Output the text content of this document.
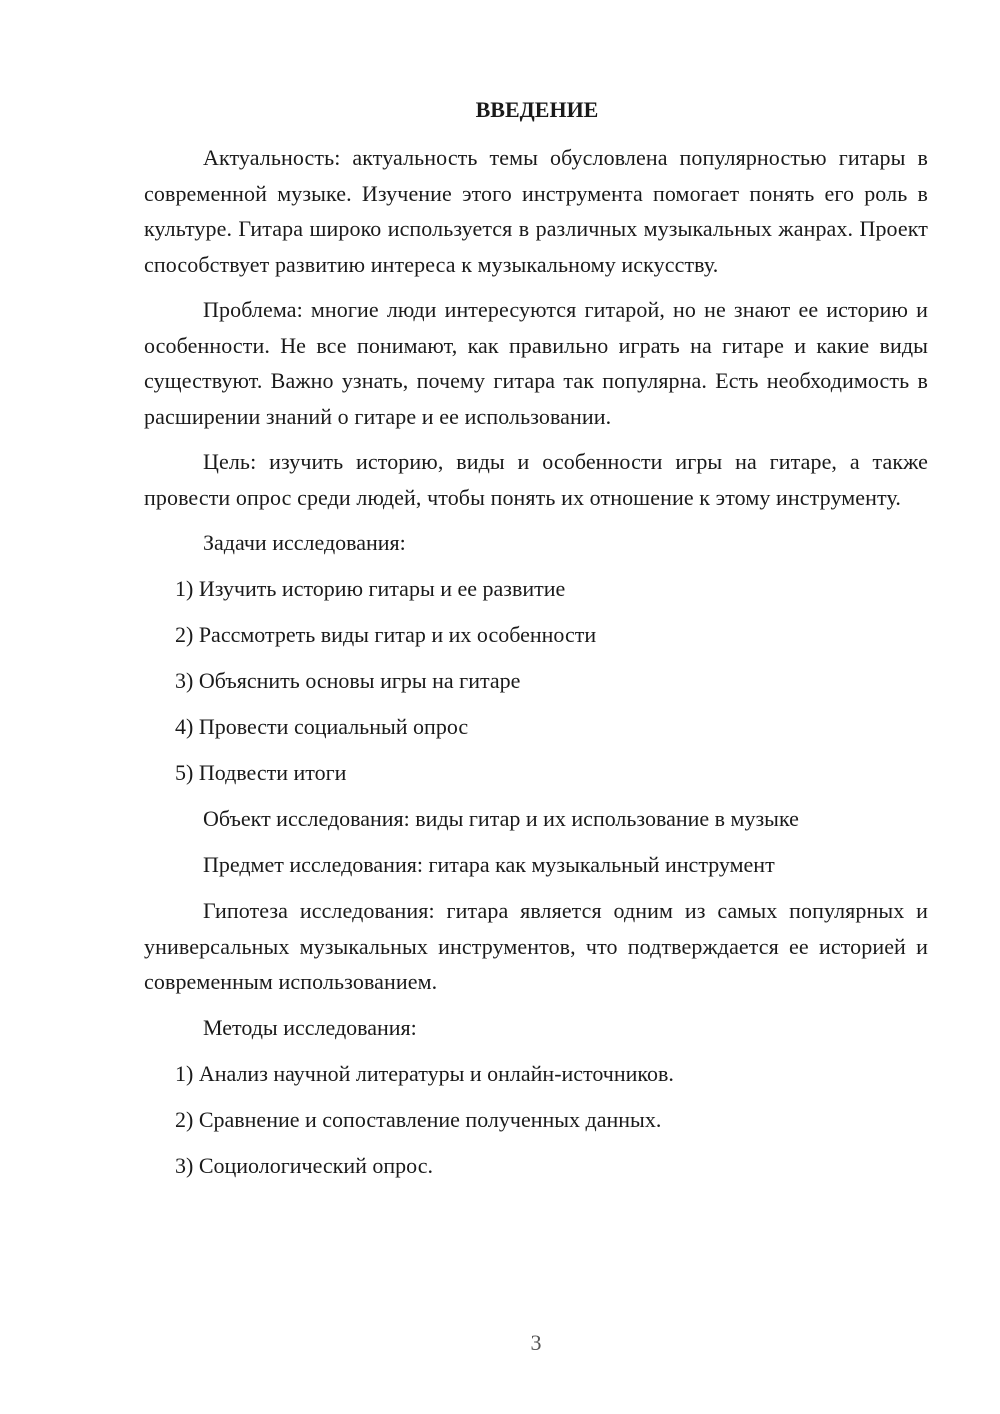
ВВЕДЕНИЕ

Актуальность: актуальность темы обусловлена популярностью гитары в современной музыке. Изучение этого инструмента помогает понять его роль в культуре. Гитара широко используется в различных музыкальных жанрах. Проект способствует развитию интереса к музыкальному искусству.

Проблема: многие люди интересуются гитарой, но не знают ее историю и особенности. Не все понимают, как правильно играть на гитаре и какие виды существуют. Важно узнать, почему гитара так популярна. Есть необходимость в расширении знаний о гитаре и ее использовании.

Цель: изучить историю, виды и особенности игры на гитаре, а также провести опрос среди людей, чтобы понять их отношение к этому инструменту.

Задачи исследования:
1) Изучить историю гитары и ее развитие
2) Рассмотреть виды гитар и их особенности
3) Объяснить основы игры на гитаре
4) Провести социальный опрос
5) Подвести итоги
Объект исследования: виды гитар и их использование в музыке
Предмет исследования: гитара как музыкальный инструмент

Гипотеза исследования: гитара является одним из самых популярных и универсальных музыкальных инструментов, что подтверждается ее историей и современным использованием.

Методы исследования:
1) Анализ научной литературы и онлайн-источников.
2) Сравнение и сопоставление полученных данных.
3) Социологический опрос.
3
